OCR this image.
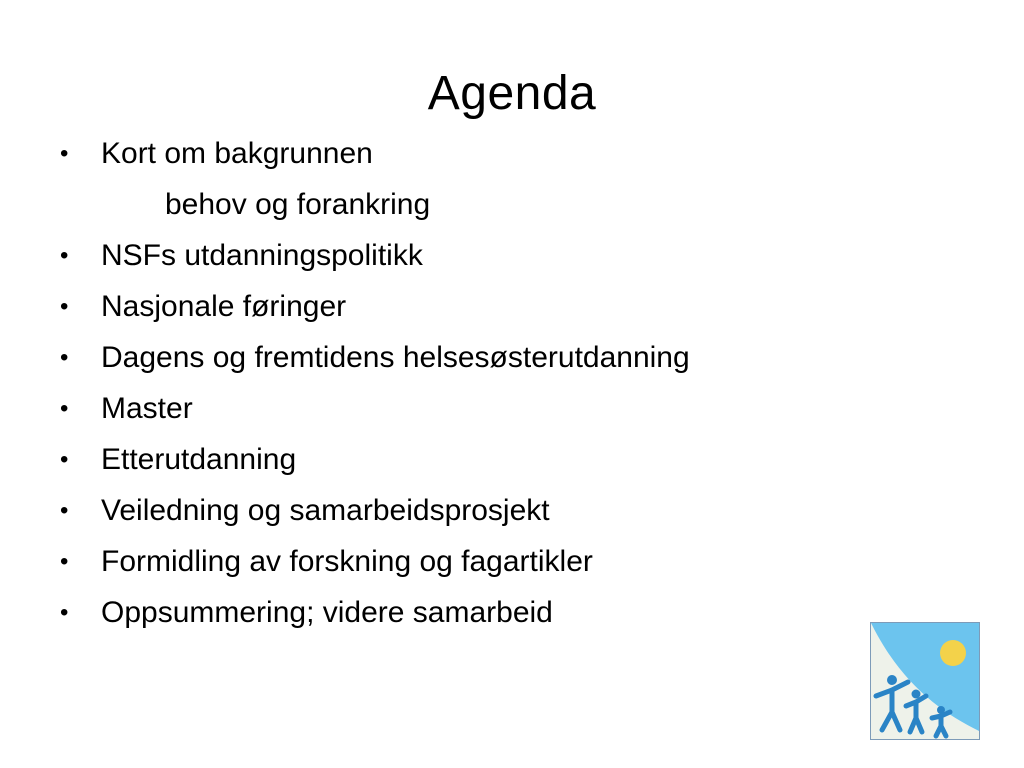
Agenda
• Kort om bakgrunnen
behov og forankring
• NSFs utdanningspolitikk
• Nasjonale føringer
• Dagens og fremtidens helsesøsterutdanning
• Master
• Etterutdanning
• Veiledning og samarbeidsprosjekt
• Formidling av forskning og fagartikler
• Oppsummering; videre samarbeid
